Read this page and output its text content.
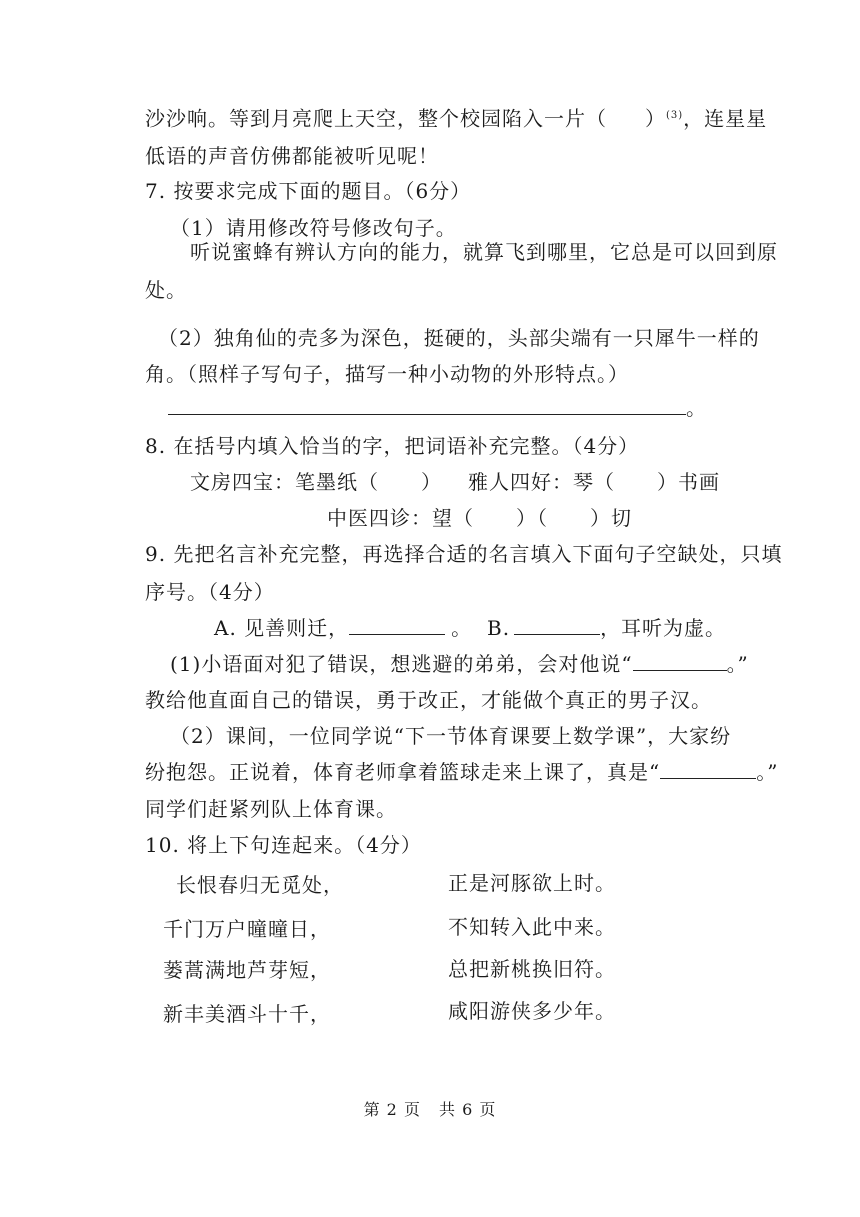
沙沙响。等到月亮爬上天空，整个校园陷入一片（ ）$^{(3)}$，连星星
低语的声音仿佛都能被听见呢！
7. 按要求完成下面的题目。（6分）
（1）请用修改符号修改句子。
听说蜜蜂有辨认方向的能力，就算飞到哪里，它总是可以回到原
处。
（2）独角仙的壳多为深色，挺硬的，头部尖端有一只犀牛一样的
角。（照样子写句子，描写一种小动物的外形特点。）
。
8. 在括号内填入恰当的字，把词语补充完整。（4分）
文房四宝：笔墨纸（　　） 雅人四好：琴（　　）书画
中医四诊：望（　　）（　　）切
9. 先把名言补充完整，再选择合适的名言填入下面句子空缺处，只填
序号。（4分）
A. 见善则迁，	。 B.	，耳听为虚。
(1)小语面对犯了错误，想逃避的弟弟，会对他说“	。”
教给他直面自己的错误，勇于改正，才能做个真正的男子汉。
（2）课间，一位同学说“下一节体育课要上数学课”，大家纷
纷抱怨。正说着，体育老师拿着篮球走来上课了，真是“	。”
同学们赶紧列队上体育课。
10. 将上下句连起来。（4分）
长恨春归无觅处，	正是河豚欲上时。
千门万户曈曈日，	不知转入此中来。
蒌蒿满地芦芽短，	总把新桃换旧符。
新丰美酒斗十千，	咸阳游侠多少年。
第 2 页 共 6 页
